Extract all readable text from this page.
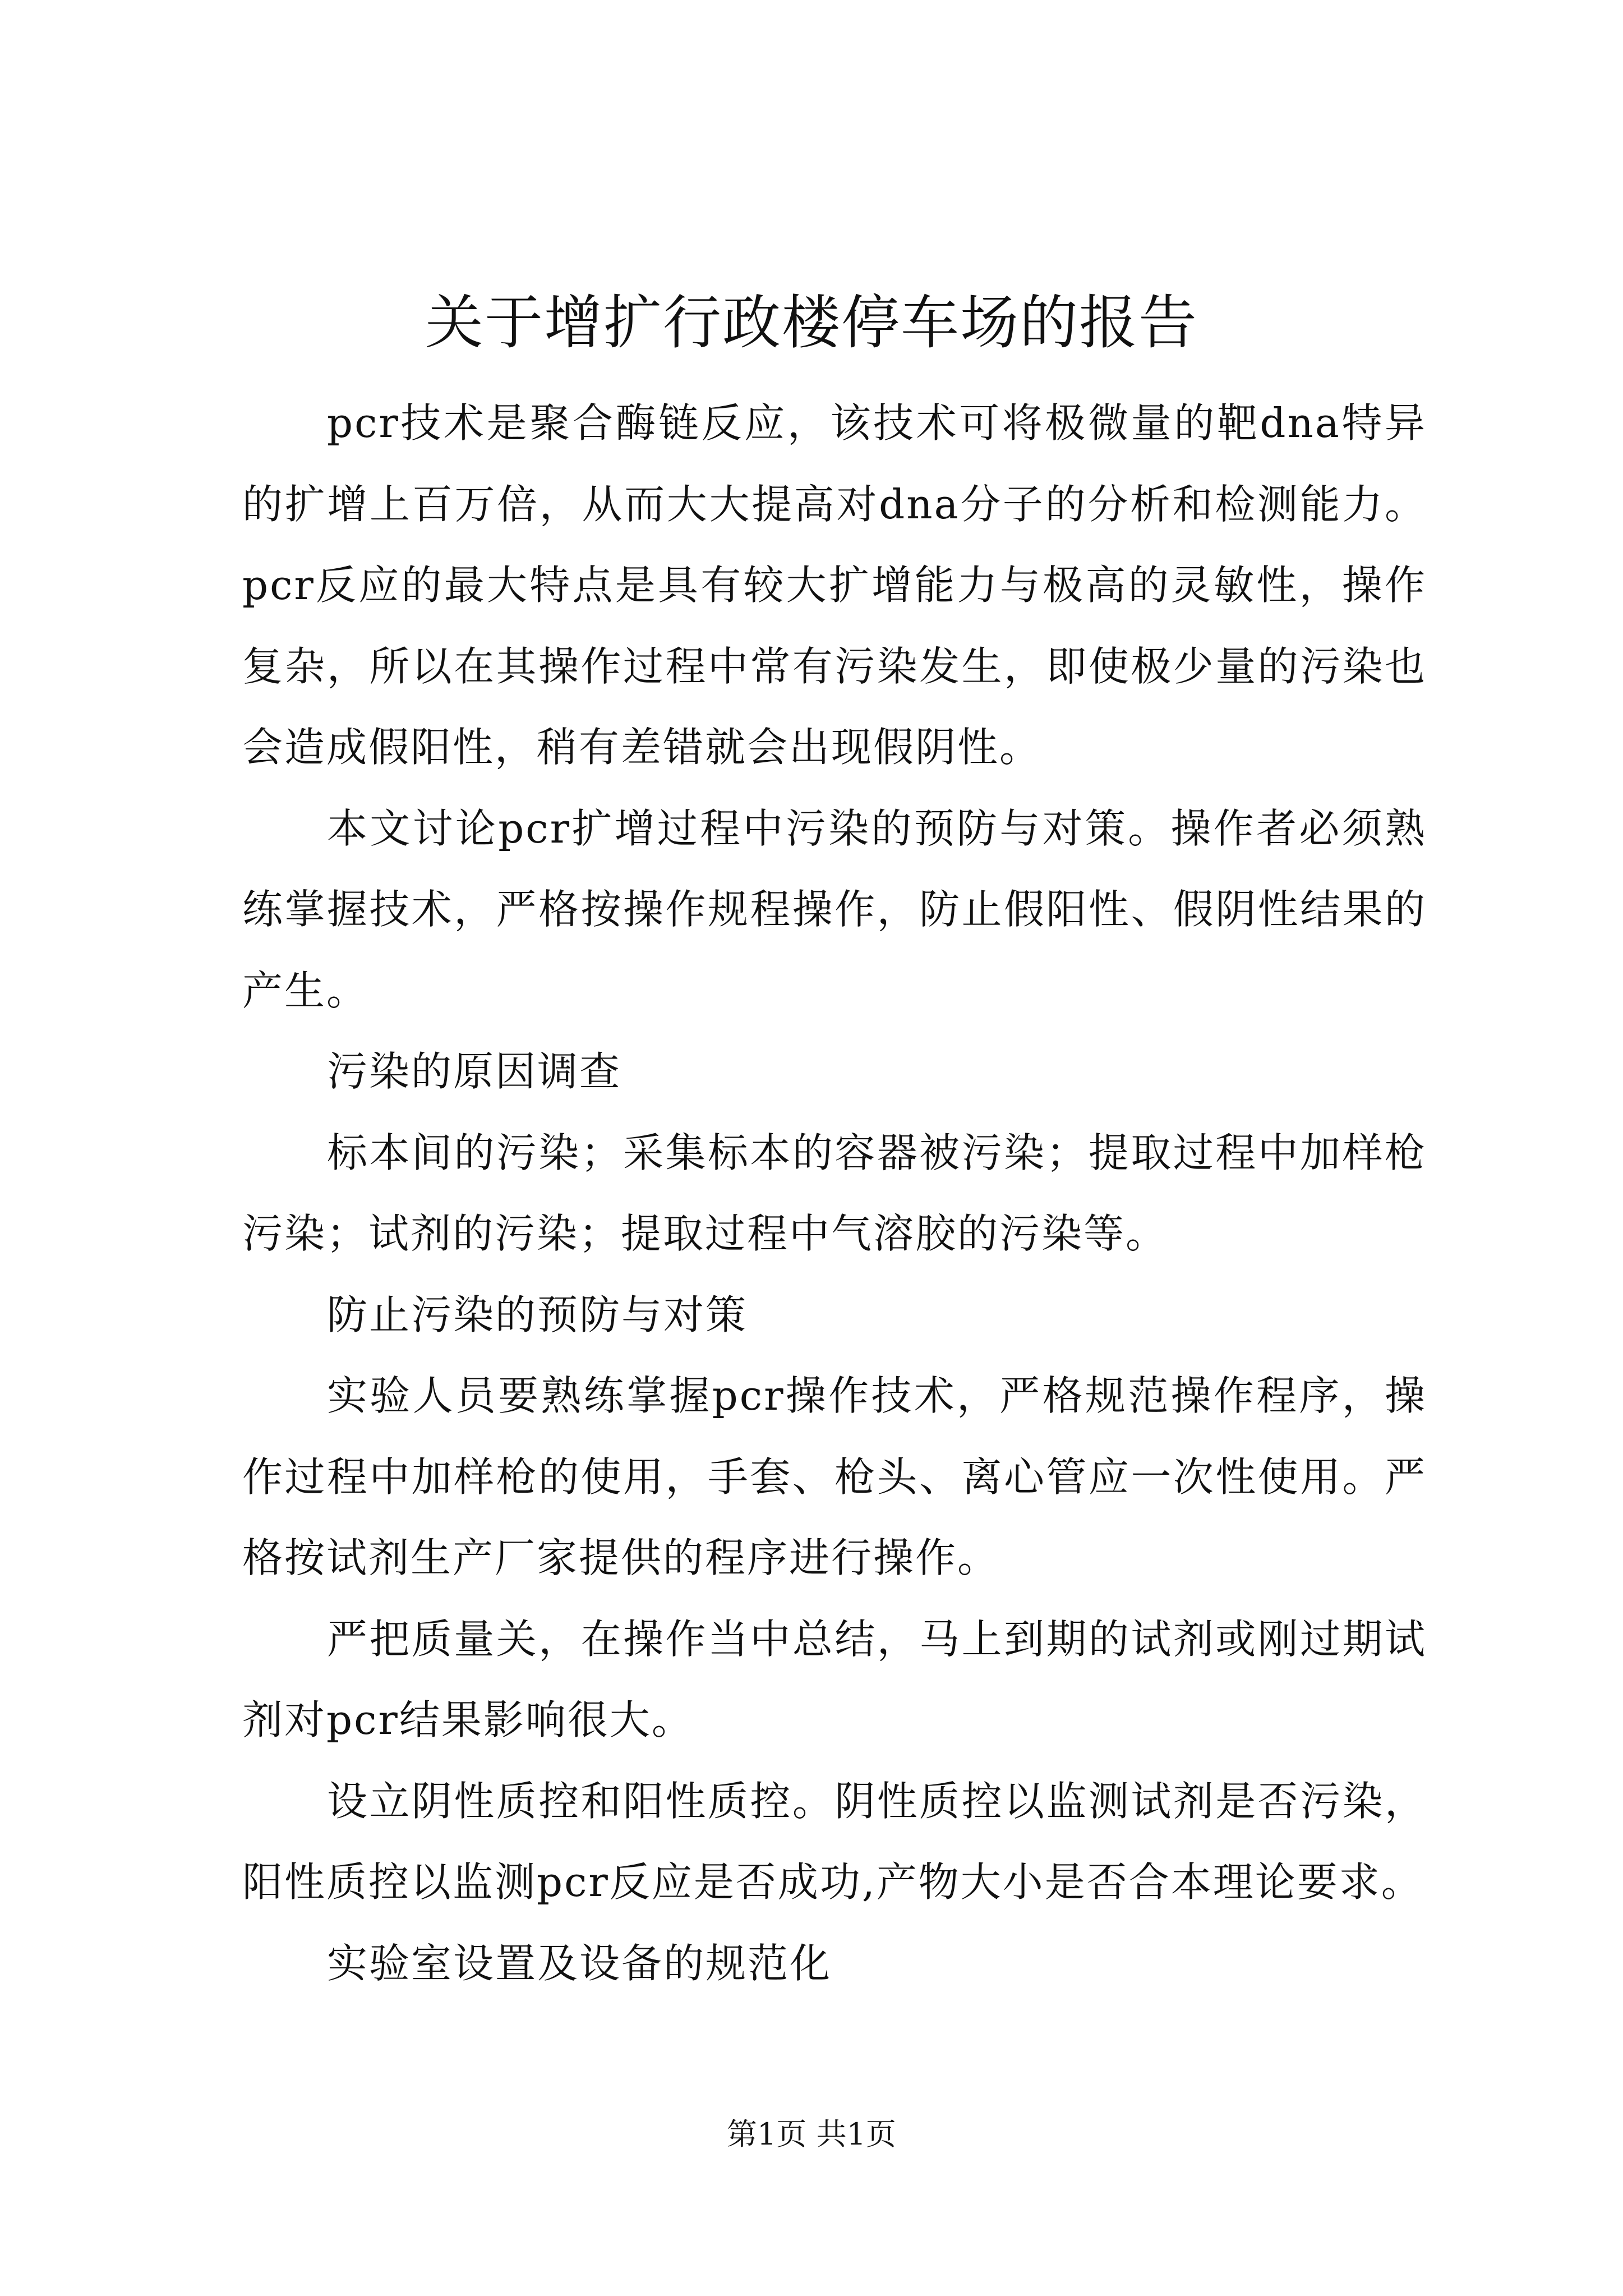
关于增扩行政楼停车场的报告

pcr技术是聚合酶链反应，该技术可将极微量的靶dna特异的扩增上百万倍，从而大大提高对dna分子的分析和检测能力。pcr反应的最大特点是具有较大扩增能力与极高的灵敏性，操作复杂，所以在其操作过程中常有污染发生，即使极少量的污染也会造成假阳性，稍有差错就会出现假阴性。

本文讨论pcr扩增过程中污染的预防与对策。操作者必须熟练掌握技术，严格按操作规程操作，防止假阳性、假阴性结果的产生。

污染的原因调查

标本间的污染；采集标本的容器被污染；提取过程中加样枪污染；试剂的污染；提取过程中气溶胶的污染等。

防止污染的预防与对策

实验人员要熟练掌握pcr操作技术，严格规范操作程序，操作过程中加样枪的使用，手套、枪头、离心管应一次性使用。严格按试剂生产厂家提供的程序进行操作。

严把质量关，在操作当中总结，马上到期的试剂或刚过期试剂对pcr结果影响很大。

设立阴性质控和阳性质控。阴性质控以监测试剂是否污染，阳性质控以监测pcr反应是否成功,产物大小是否合本理论要求。

实验室设置及设备的规范化

第1页 共1页
